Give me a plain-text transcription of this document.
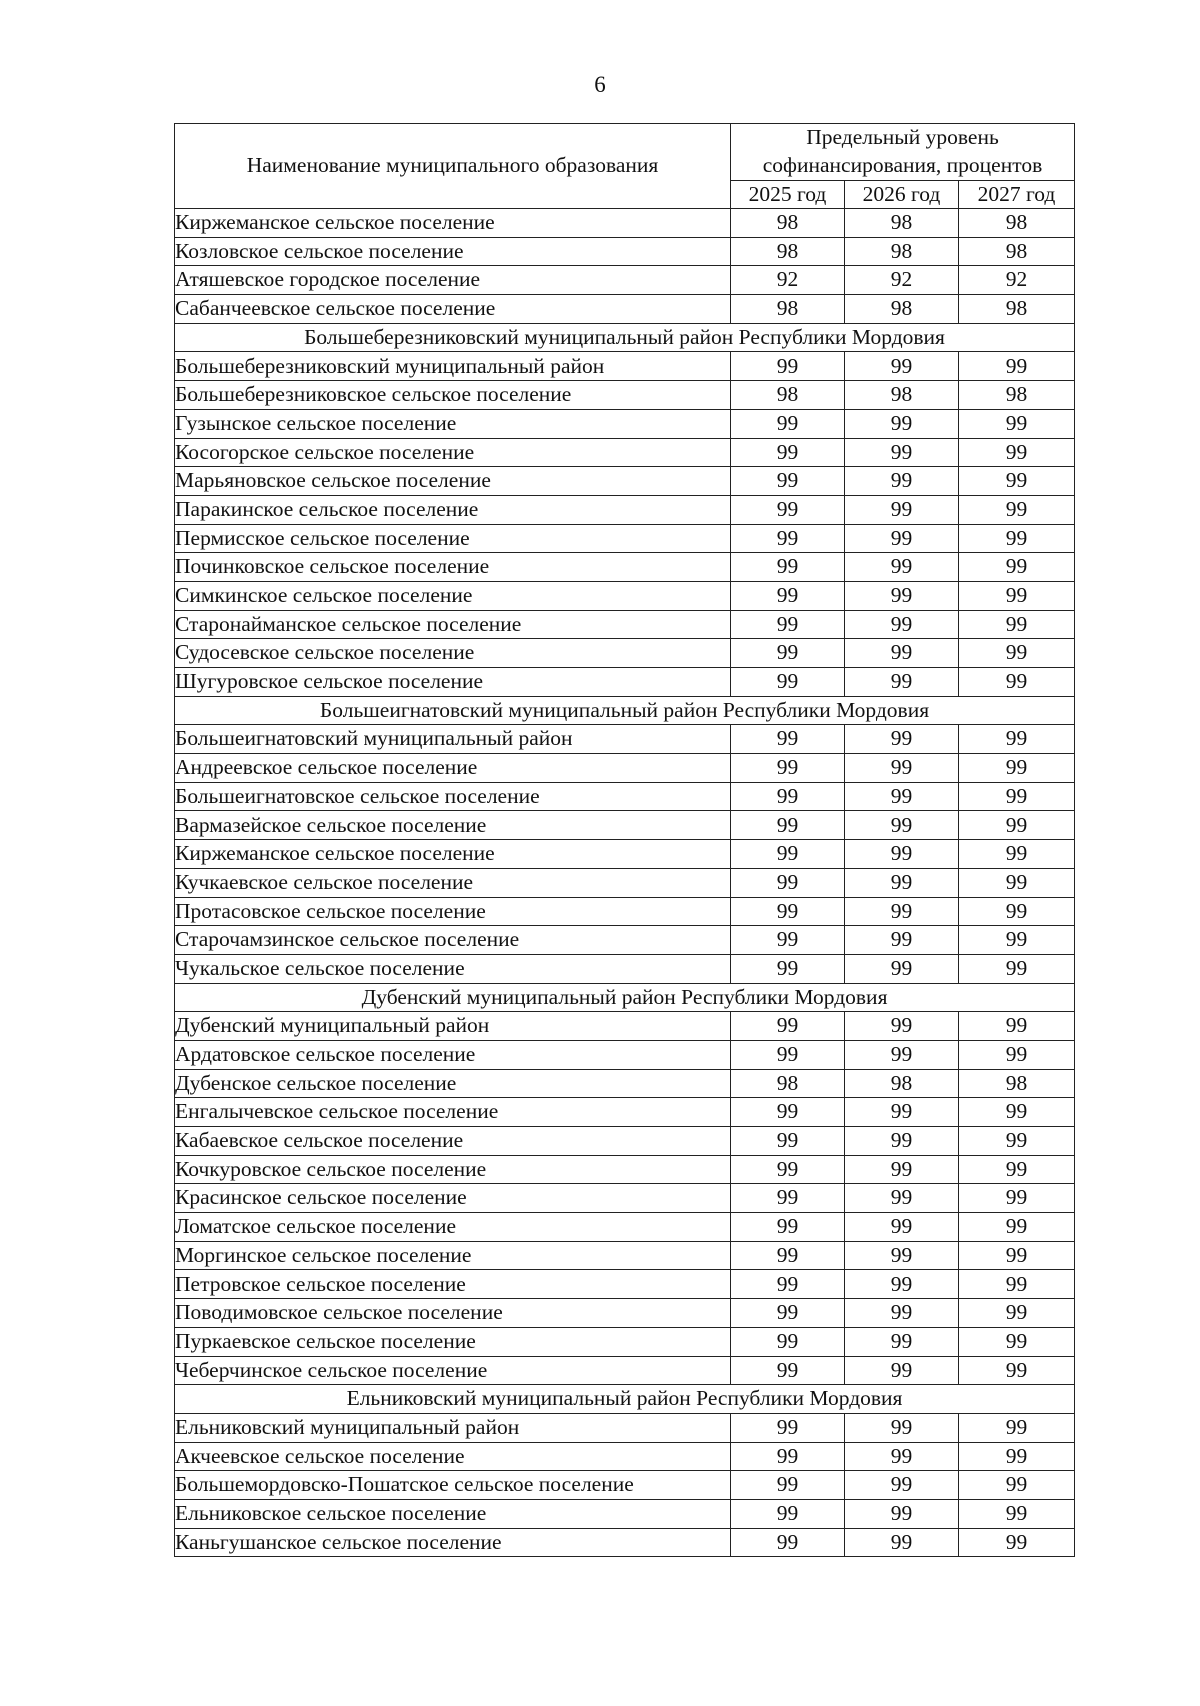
6
Наименование муниципального образования	Предельный уровень
софинансирования, процентов		
	2025 год	2026 год	2027 год
Киржеманское сельское поселение	98	98	98
Козловское сельское поселение	98	98	98
Атяшевское городское поселение	92	92	92
Сабанчеевское сельское поселение	98	98	98
Большеберезниковский муниципальный район Республики Мордовия			
Большеберезниковский муниципальный район	99	99	99
Большеберезниковское сельское поселение	98	98	98
Гузынское сельское поселение	99	99	99
Косогорское сельское поселение	99	99	99
Марьяновское сельское поселение	99	99	99
Паракинское сельское поселение	99	99	99
Пермисское сельское поселение	99	99	99
Починковское сельское поселение	99	99	99
Симкинское сельское поселение	99	99	99
Старонайманское сельское поселение	99	99	99
Судосевское сельское поселение	99	99	99
Шугуровское сельское поселение	99	99	99
Большеигнатовский муниципальный район Республики Мордовия			
Большеигнатовский муниципальный район	99	99	99
Андреевское сельское поселение	99	99	99
Большеигнатовское сельское поселение	99	99	99
Вармазейское сельское поселение	99	99	99
Киржеманское сельское поселение	99	99	99
Кучкаевское сельское поселение	99	99	99
Протасовское сельское поселение	99	99	99
Старочамзинское сельское поселение	99	99	99
Чукальское сельское поселение	99	99	99
Дубенский муниципальный район Республики Мордовия			
Дубенский муниципальный район	99	99	99
Ардатовское сельское поселение	99	99	99
Дубенское сельское поселение	98	98	98
Енгалычевское сельское поселение	99	99	99
Кабаевское сельское поселение	99	99	99
Кочкуровское сельское поселение	99	99	99
Красинское сельское поселение	99	99	99
Ломатское сельское поселение	99	99	99
Моргинское сельское поселение	99	99	99
Петровское сельское поселение	99	99	99
Поводимовское сельское поселение	99	99	99
Пуркаевское сельское поселение	99	99	99
Чеберчинское сельское поселение	99	99	99
Ельниковский муниципальный район Республики Мордовия			
Ельниковский муниципальный район	99	99	99
Акчеевское сельское поселение	99	99	99
Большемордовско-Пошатское сельское поселение	99	99	99
Ельниковское сельское поселение	99	99	99
Каньгушанское сельское поселение	99	99	99
